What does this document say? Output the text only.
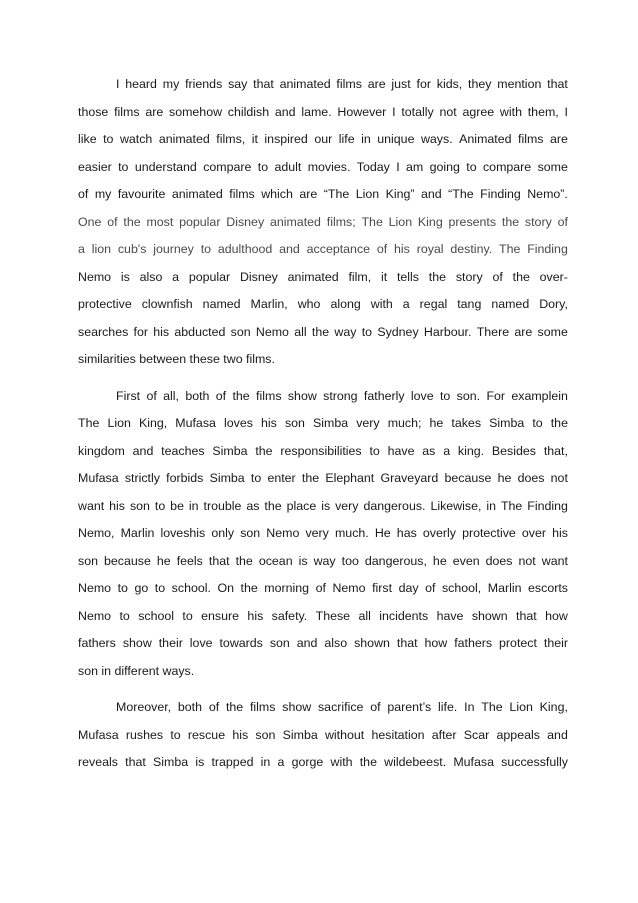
I heard my friends say that animated films are just for kids, they mention that
those films are somehow childish and lame. However I totally not agree with them, I
like to watch animated films, it inspired our life in unique ways. Animated films are
easier to understand compare to adult movies. Today I am going to compare some
of my favourite animated films which are “The Lion King” and “The Finding Nemo”.
One of the most popular Disney animated films; The Lion King presents the story of
a lion cub's journey to adulthood and acceptance of his royal destiny. The Finding
Nemo is also a popular Disney animated film, it tells the story of the over-
protective clownfish named Marlin, who along with a regal tang named Dory,
searches for his abducted son Nemo all the way to Sydney Harbour. There are some
similarities between these two films.
First of all, both of the films show strong fatherly love to son. For examplein
The Lion King, Mufasa loves his son Simba very much; he takes Simba to the
kingdom and teaches Simba the responsibilities to have as a king. Besides that,
Mufasa strictly forbids Simba to enter the Elephant Graveyard because he does not
want his son to be in trouble as the place is very dangerous. Likewise, in The Finding
Nemo, Marlin loveshis only son Nemo very much. He has overly protective over his
son because he feels that the ocean is way too dangerous, he even does not want
Nemo to go to school. On the morning of Nemo first day of school, Marlin escorts
Nemo to school to ensure his safety. These all incidents have shown that how
fathers show their love towards son and also shown that how fathers protect their
son in different ways.
Moreover, both of the films show sacrifice of parent’s life. In The Lion King,
Mufasa rushes to rescue his son Simba without hesitation after Scar appeals and
reveals that Simba is trapped in a gorge with the wildebeest. Mufasa successfully
